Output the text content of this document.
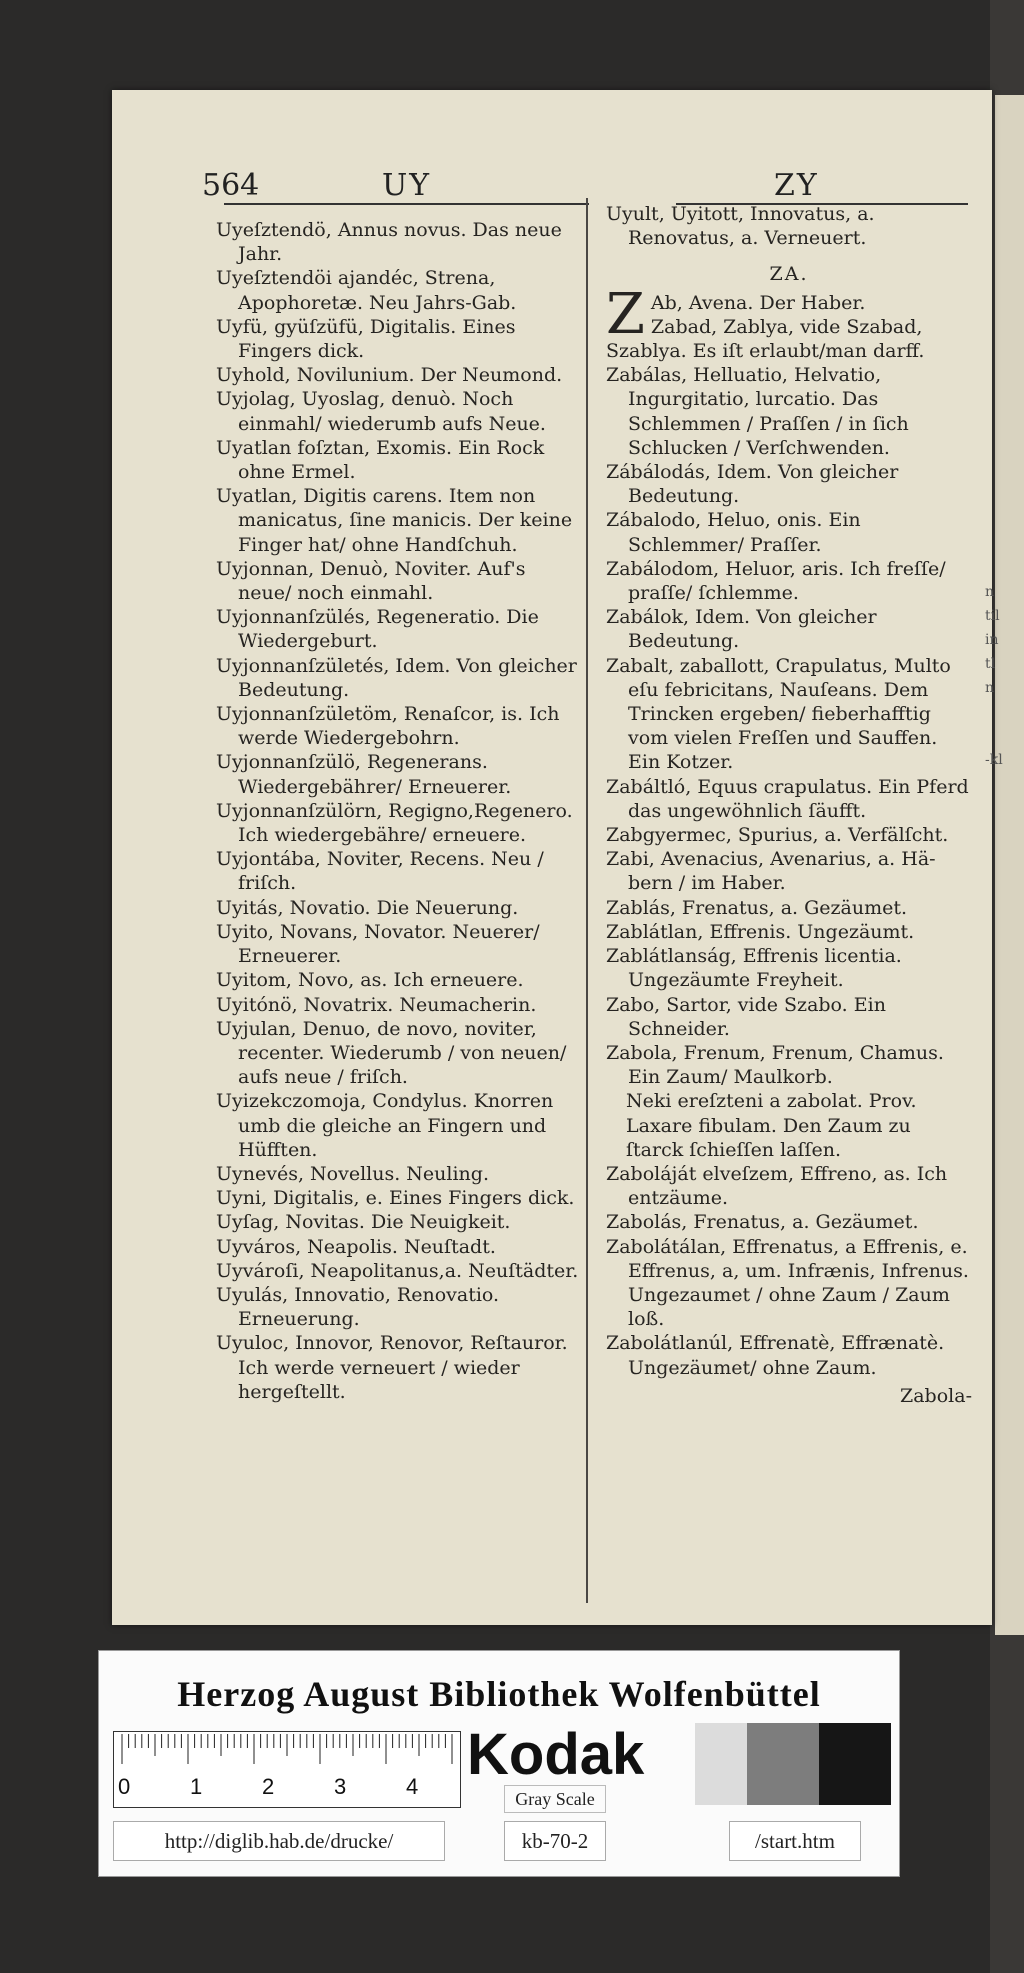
564	UY	ZY

Uyeſztendö, Annus novus. Das neue Jahr.

Uyeſztendöi ajandéc, Strena, Apophoretæ. Neu Jahrs-Gab.

Uyfü, gyüſzüfü, Digitalis. Eines Fingers dick.

Uyhold, Novilunium. Der Neumond.

Uyjolag, Uyoslag, denuò. Noch einmahl/ wiederumb aufs Neue.

Uyatlan foſztan, Exomis. Ein Rock ohne Ermel.

Uyatlan, Digitis carens. Item non manicatus, ſine manicis. Der keine Finger hat/ ohne Handſchuh.

Uyjonnan, Denuò, Noviter. Auf's neue/ noch einmahl.

Uyjonnanſzülés, Regeneratio. Die Wiedergeburt.

Uyjonnanſzületés, Idem. Von gleicher Bedeutung.

Uyjonnanſzületöm, Renaſcor, is. Ich werde Wiedergebohrn.

Uyjonnanſzülö, Regenerans. Wiedergebährer/ Erneuerer.

Uyjonnanſzülörn, Regigno,Regenero. Ich wiedergebähre/ erneuere.

Uyjontába, Noviter, Recens. Neu / friſch.

Uyitás, Novatio. Die Neuerung.

Uyito, Novans, Novator. Neuerer/ Erneuerer.

Uyitom, Novo, as. Ich erneuere.

Uyitónö, Novatrix. Neumacherin.

Uyjulan, Denuo, de novo, noviter, recenter. Wiederumb / von neuen/ aufs neue / friſch.

Uyizekczomoja, Condylus. Knorren umb die gleiche an Fingern und Hüfften.

Uynevés, Novellus. Neuling.

Uyni, Digitalis, e. Eines Fingers dick.

Uyſag, Novitas. Die Neuigkeit.

Uyváros, Neapolis. Neuſtadt.

Uyvároſi, Neapolitanus,a. Neuſtädter.

Uyulás, Innovatio, Renovatio. Erneuerung.

Uyuloc, Innovor, Renovor, Reſtauror. Ich werde verneuert / wieder hergeſtellt.

Uyult, Uyitott, Innovatus, a. Renovatus, a. Verneuert.

ZA.
Z Ab, Avena. Der Haber.
Zabad, Zablya, vide Szabad, Szablya. Es iſt erlaubt/man darff.

Zabálas, Helluatio, Helvatio, Ingurgitatio, lurcatio. Das Schlemmen / Praſſen / in ſich Schlucken / Verſchwenden.

Zábálodás, Idem. Von gleicher Bedeutung.

Zábalodo, Heluo, onis. Ein Schlemmer/ Praſſer.

Zabálodom, Heluor, aris. Ich freſſe/ praſſe/ ſchlemme.

Zabálok, Idem. Von gleicher Bedeutung.

Zabalt, zaballott, Crapulatus, Multo eſu febricitans, Nauſeans. Dem Trincken ergeben/ fieberhafftig vom vielen Freſſen und Sauffen. Ein Kotzer.

Zabáltló, Equus crapulatus. Ein Pferd das ungewöhnlich ſäufft.

Zabgyermec, Spurius, a. Verfälſcht.

Zabi, Avenacius, Avenarius, a. Hä-bern / im Haber.

Zablás, Frenatus, a. Gezäumet.

Zablátlan, Effrenis. Ungezäumt.

Zablátlanság, Effrenis licentia. Ungezäumte Freyheit.

Zabo, Sartor, vide Szabo. Ein Schneider.

Zabola, Frenum, Frenum, Chamus. Ein Zaum/ Maulkorb.

Neki ereſzteni a zabolat. Prov. Laxare fibulam. Den Zaum zu ſtarck ſchieſſen laſſen.

Zaboláját elveſzem, Effreno, as. Ich entzäume.

Zabolás, Frenatus, a. Gezäumet.

Zabolátálan, Effrenatus, a Effrenis, e. Effrenus, a, um. Infrænis, Infrenus. Ungezaumet / ohne Zaum / Zaum loß.

Zabolátlanúl, Effrenatè, Effrænatè. Ungezäumet/ ohne Zaum.

Zabola-
n
til
in
tl
n

-kl
Herzog August Bibliothek Wolfenbüttel
0	1	2	3	4 Kodak
Gray Scale
http://diglib.hab.de/drucke/	kb-70-2	/start.htm
